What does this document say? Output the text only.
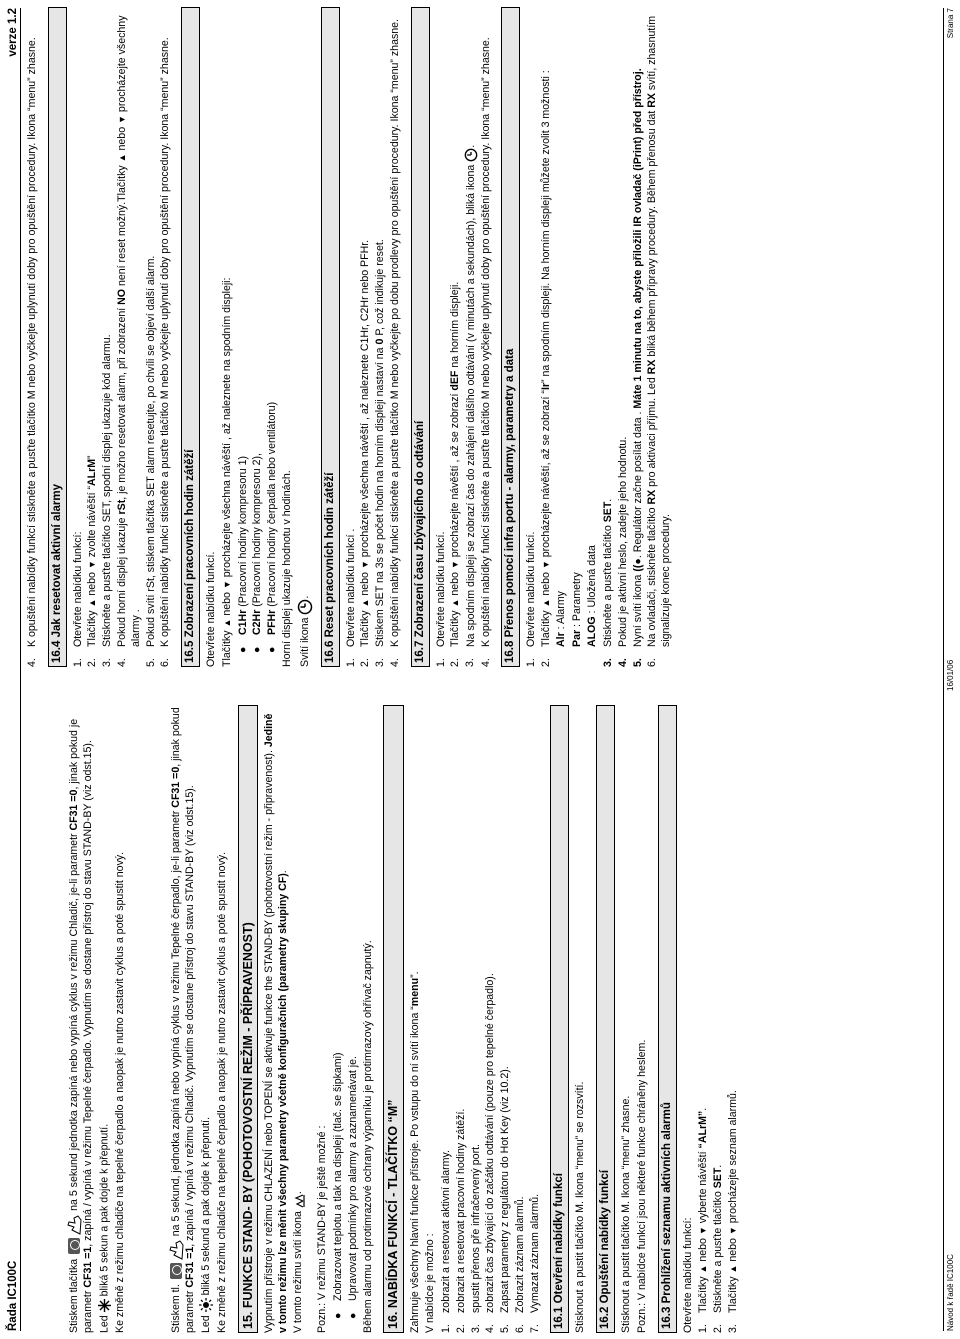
Řada IC100C
verze 1.2

Stiskem tlačítka  na 5 sekund jednotka zapíná nebo vypíná cyklus v režimu Chladič, je-li parametr CF31 =0, jinak pokud je parametr CF31 =1, zapíná / vypíná v režimu Tepelné čerpadlo. Vypnutím se dostane přístroj do stavu STAND-BY (viz odst.15).

Led  bliká 5 sekun a pak dojde k přepnutí. Ke změně z režimu chladiče na tepelné čerpadlo a naopak je nutno zastavit cyklus a poté spustit nový.	Stiskem tl.  na 5 sekund, jednotka zapíná nebo vypíná cyklus v režimu Tepelné čerpadlo, je-li parametr CF31 =0, jinak pokud parametr CF31 =1, zapíná / vypíná v režimu Chladič. Vypnutím se dostane přístroj do stavu STAND-BY (viz odst.15).

Led  bliká 5 sekund a pak dojde k přepnutí. Ke změně z režimu chladiče na tepelné čerpadlo a naopak je nutno zastavit cyklus a poté spustit nový. 15. FUNKCE STAND- BY (POHOTOVOSTNÍ REŽIM - PŘÍPRAVENOST) Vypnutím přístroje v režimu CHLAZENÍ nebo TOPENÍ se aktivuje funkce the STAND-BY (pohotovostní režim - připravenost). Jedině v tomto režimu lze měnit všechny parametry včetně konfiguračních (parametry skupiny CF).

V tomto režimu svítí ikona . Pozn.: V režimu STAND-BY je ještě možné : ●
Zobrazovat teplotu a tlak na displeji (tlač. se šipkami)
●
Upravovat podmínky pro alarmy a zaznamenávat je. Během alarmu od protimrazové ochrany výparníku je protimrazový ohřívač zapnutý. 16. NABÍDKA FUNKCÍ - TLAČÍTKO “M” Zahrnuje všechny hlavní funkce přístroje. Po vstupu do ní svítí ikona “menu”.

V nabídce je možno : 1.
zobrazit a resetovat aktivní alarmy.
2.
zobrazit a resetovat pracovní hodiny zátěží.
3.
spustit přenos pře infračervený port.
4.
zobrazit čas zbývající do začátku odtávání (pouze pro tepelné čerpadlo).
5.
Zapsat parametry z regulátoru do Hot Key (viz 10.2).
6.
Zobrazit záznam alarmů.
7.
Vymazat záznam alarmů. 16.1 Otevření nabídky funkcí Stisknout a pustit tlačítko M. Ikona “menu” se rozsvítí. 16.2 Opuštění nabídky funkcí Stisknout a pustit tlačítko M. Ikona “menu” zhasne. Pozn.: V nabídce funkcí jsou některé funkce chráněny heslem. 16.3 Prohlížení seznamu aktivních alarmů Otevřete nabídku funkcí: 1.
Tlačítky ▲ nebo ▼ vyberte návěští “ALrM”.
2.
Stiskněte a pusťte tlačítko SET.
3.
Tlačítky ▲ nebo ▼ procházejte seznam alarmů.
4.
K opuštění nabídky funkcí stiskněte a pusťte tlačítko M nebo vyčkejte uplynutí doby pro opuštění procedury. Ikona “menu” zhasne. 16.4 Jak resetovat aktivní alarmy 1.
Otevřete nabídku funkcí:
2.
Tlačítky ▲ nebo ▼ zvolte návěští “ALrM”
3.
Stiskněte a pusťte tlačítko SET, spodní displej ukazuje kód alarmu.
4.
Pokud horní displej ukazuje rSt, je možno resetovat alarm, při zobrazení NO není reset možný.Tlačítky ▲ nebo ▼ procházejte všechny alarmy .
5.
Pokud svítí rSt, stiskem tlačítka SET alarm resetujte, po chvíli se objeví další alarm.
6.
K opuštění nabídky funkcí stiskněte a pusťte tlačítko M nebo vyčkejte uplynutí doby pro opuštění procedury. Ikona “menu” zhasne. 16.5 Zobrazení pracovních hodin zátěží Otevřete nabídku funkcí. Tlačítky ▲ nebo ▼ procházejte všechna návěští , až naleznete na spodním displeji:

●
C1Hr (Pracovní hodiny kompresoru 1)
●
C2Hr (Pracovní hodiny kompresoru 2),
●
PFHr (Pracovní hodiny čerpadla nebo ventilátoru) Horní displej ukazuje hodnotu v hodinách. Svítí ikona . 16.6 Reset pracovních hodin zátěží 1.
Otevřete nabídku funkcí .
2.
Tlačítky ▲ nebo ▼ procházejte všechna návěští , až naleznete C1Hr, C2Hr nebo PFHr.
3.
Stiskem SET na 3s se počet hodin na horním displeji nastaví na 0 P, což indikuje reset.
4.
K opuštění nabídky funkcí stiskněte a pusťte tlačítko M nebo vyčkejte po dobu prodlevy pro opuštění procedury. Ikona “menu” zhasne. 16.7 Zobrazení času zbývajícího do odtávání 1.
Otevřete nabídku funkcí.
2.
Tlačítky ▲ nebo ▼ procházejte návěští , až se zobrazí dEF na horním displeji.
3.
Na spodním displeji se zobrazí čas do zahájení dalšího odtávání (v minutách a sekundách), bliká ikona .
4.
K opuštění nabídky funkcí stiskněte a pusťte tlačítko M nebo vyčkejte uplynutí doby pro opuštění procedury. Ikona “menu” zhasne. 16.8 Přenos pomocí infra portu - alarmy, parametry a data 1.
Otevřete nabídku funkcí.
2.
Tlačítky ▲ nebo ▼ procházejte návěští, až se zobrazí “Ir” na spodním displeji. Na horním displeji můžete zvolit 3 možnosti :

Alr : Alarmy

Par : Parametry

ALOG : Uložená data

3.
Stiskněte a pusťte tlačítko SET.
4.
Pokud je aktivní heslo, zadejte jeho hodnotu.
5.
Nyní svítí ikona ((●. Regulátor začne posílat data . Máte 1 minutu na to, abyste přiložili IR ovladač (iPrint) před přístroj.
6.
Na ovladači, stiskněte tlačítko RX pro aktivaci příjmu. Led RX bliká během přípravy procedury. Během přenosu dat RX svítí, zhasnutím signalizuje konec procedury.
Návod k řadě IC100C
16/01/06
Strana 7
